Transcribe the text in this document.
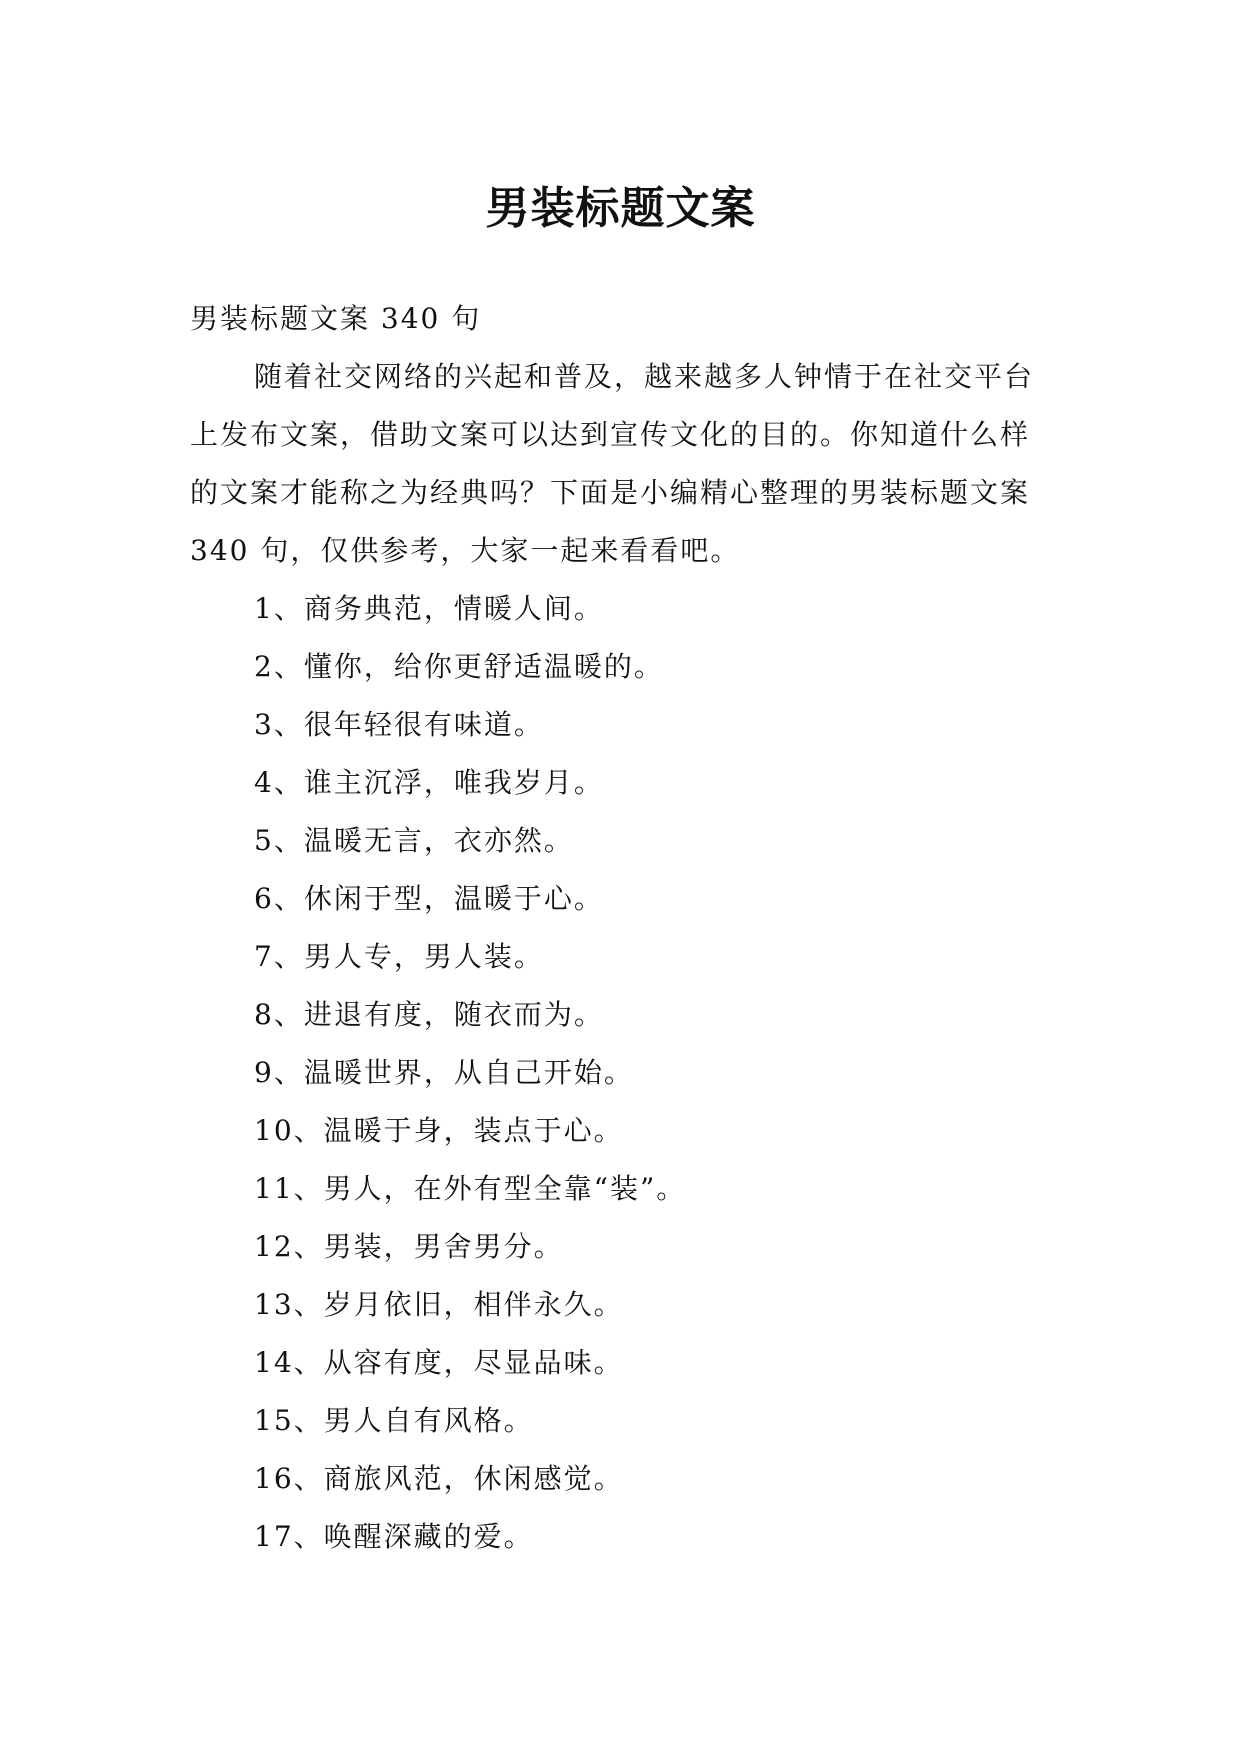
男装标题文案

男装标题文案 340 句

随着社交网络的兴起和普及，越来越多人钟情于在社交平台上发布文案，借助文案可以达到宣传文化的目的。你知道什么样的文案才能称之为经典吗？下面是小编精心整理的男装标题文案 340 句，仅供参考，大家一起来看看吧。

1、商务典范，情暖人间。
2、懂你，给你更舒适温暖的。
3、很年轻很有味道。
4、谁主沉浮，唯我岁月。
5、温暖无言，衣亦然。
6、休闲于型，温暖于心。
7、男人专，男人装。
8、进退有度，随衣而为。
9、温暖世界，从自己开始。
10、温暖于身，装点于心。
11、男人，在外有型全靠“装”。
12、男装，男舍男分。
13、岁月依旧，相伴永久。
14、从容有度，尽显品味。
15、男人自有风格。
16、商旅风范，休闲感觉。
17、唤醒深藏的爱。
